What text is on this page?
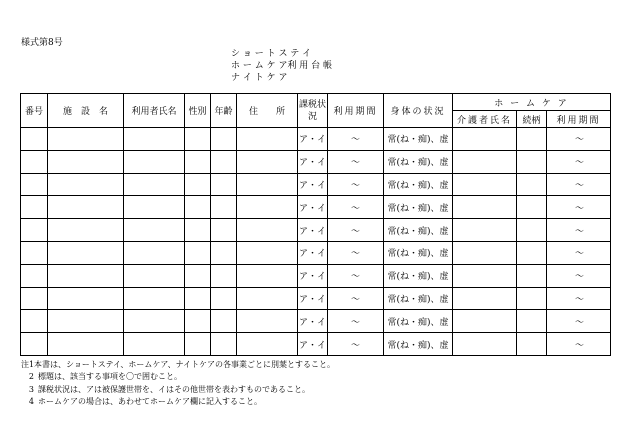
様式第8号
シ ョ ー ト ス テ イ
ホ ー ム ケ ア利 用 台 帳
ナ イ ト ケ ア
番号	施　設　名	利用者氏名	性別	年齢	住　　所	課税状況	利用期間	身体の状況	ホ ー ム ケ ア		
									介護者氏名	続柄	利用期間
						ア・イ	〜	常(ね・痴)、虚			〜
						ア・イ	〜	常(ね・痴)、虚			〜
						ア・イ	〜	常(ね・痴)、虚			〜
						ア・イ	〜	常(ね・痴)、虚			〜
						ア・イ	〜	常(ね・痴)、虚			〜
						ア・イ	〜	常(ね・痴)、虚			〜
						ア・イ	〜	常(ね・痴)、虚			〜
						ア・イ	〜	常(ね・痴)、虚			〜
						ア・イ	〜	常(ね・痴)、虚			〜
						ア・イ	〜	常(ね・痴)、虚			〜
注1本書は、ショートステイ、ホームケア、ナイトケアの各事業ごとに別葉とすること。
2 標題は、該当する事項を〇で囲むこと。
3 課税状況は、アは被保護世帯を、イはその他世帯を表わすものであること。
4 ホームケアの場合は、あわせてホームケア欄に記入すること。
